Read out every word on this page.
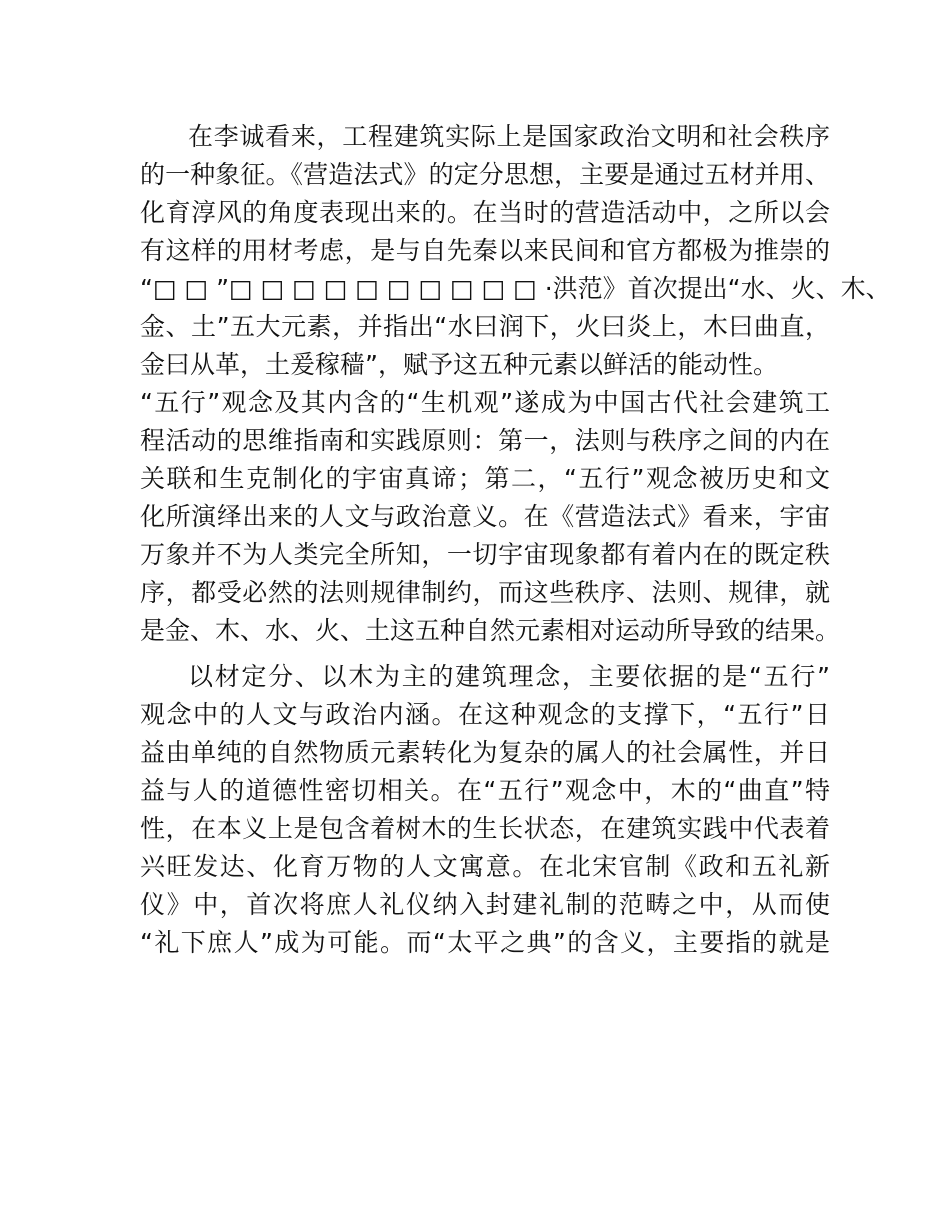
在李诚看来，工程建筑实际上是国家政治文明和社会秩序

的一种象征。《营造法式》的定分思想，主要是通过五材并用、

化育淳风的角度表现出来的。在当时的营造活动中，之所以会

有这样的用材考虑，是与自先秦以来民间和官方都极为推崇的

“□ □ ”□ □ □ □ □ □ □ □ □ □ ·洪范》首次提出“水、火、木、

金、土”五大元素，并指出“水曰润下，火曰炎上，木曰曲直，

金曰从革，土爰稼穑”，赋予这五种元素以鲜活的能动性。

“五行”观念及其内含的“生机观”遂成为中国古代社会建筑工

程活动的思维指南和实践原则：第一，法则与秩序之间的内在

关联和生克制化的宇宙真谛；第二，“五行”观念被历史和文

化所演绎出来的人文与政治意义。在《营造法式》看来，宇宙

万象并不为人类完全所知，一切宇宙现象都有着内在的既定秩

序，都受必然的法则规律制约，而这些秩序、法则、规律，就

是金、木、水、火、土这五种自然元素相对运动所导致的结果。

以材定分、以木为主的建筑理念，主要依据的是“五行”

观念中的人文与政治内涵。在这种观念的支撑下，“五行”日

益由单纯的自然物质元素转化为复杂的属人的社会属性，并日

益与人的道德性密切相关。在“五行”观念中，木的“曲直”特

性，在本义上是包含着树木的生长状态，在建筑实践中代表着

兴旺发达、化育万物的人文寓意。在北宋官制《政和五礼新

仪》中，首次将庶人礼仪纳入封建礼制的范畴之中，从而使

“礼下庶人”成为可能。而“太平之典”的含义，主要指的就是
